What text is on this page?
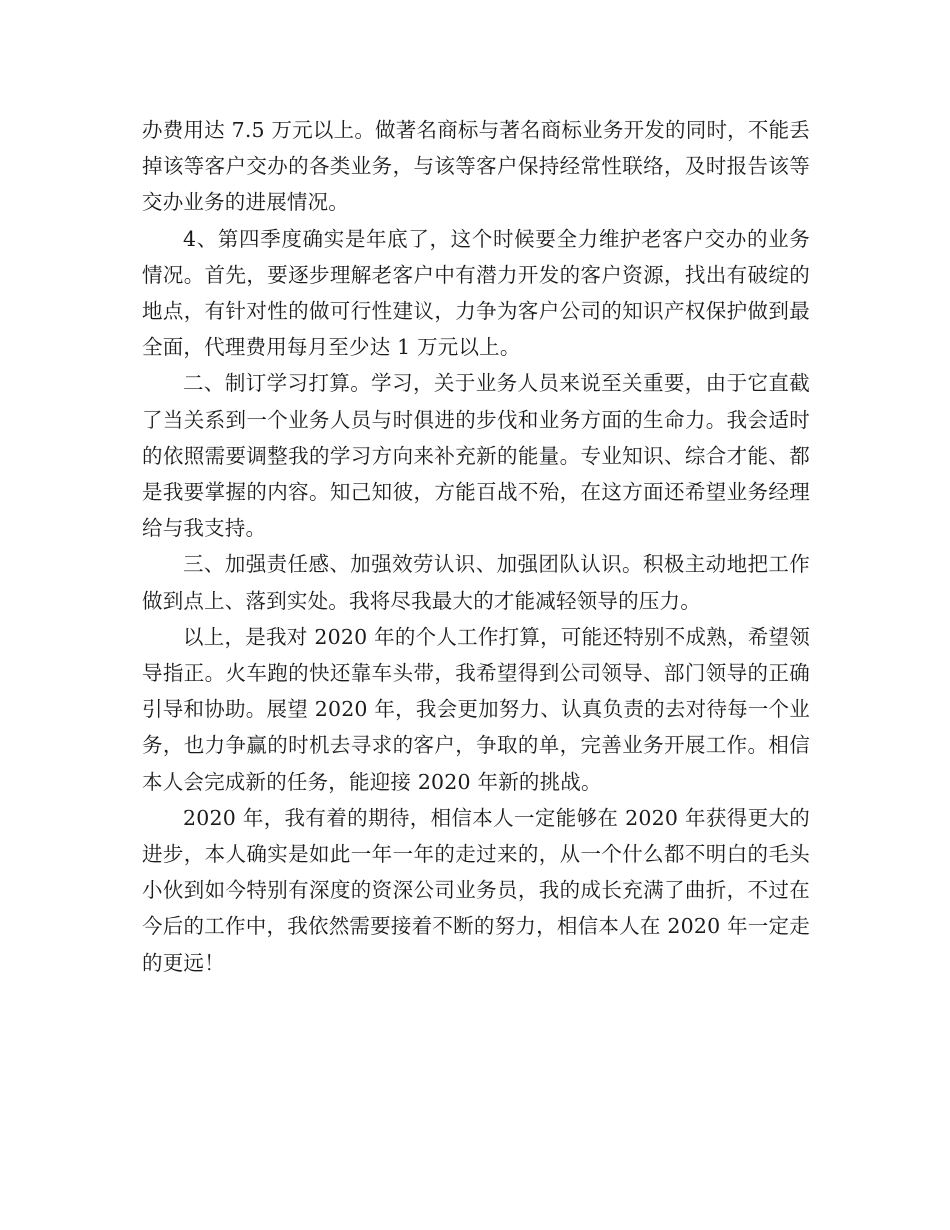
办费用达 7.5 万元以上。做著名商标与著名商标业务开发的同时，不能丢掉该等客户交办的各类业务，与该等客户保持经常性联络，及时报告该等交办业务的进展情况。

4、第四季度确实是年底了，这个时候要全力维护老客户交办的业务情况。首先，要逐步理解老客户中有潜力开发的客户资源，找出有破绽的地点，有针对性的做可行性建议，力争为客户公司的知识产权保护做到最全面，代理费用每月至少达 1 万元以上。

二、制订学习打算。学习，关于业务人员来说至关重要，由于它直截了当关系到一个业务人员与时俱进的步伐和业务方面的生命力。我会适时的依照需要调整我的学习方向来补充新的能量。专业知识、综合才能、都是我要掌握的内容。知己知彼，方能百战不殆，在这方面还希望业务经理给与我支持。

三、加强责任感、加强效劳认识、加强团队认识。积极主动地把工作做到点上、落到实处。我将尽我最大的才能减轻领导的压力。

以上，是我对 2020 年的个人工作打算，可能还特别不成熟，希望领导指正。火车跑的快还靠车头带，我希望得到公司领导、部门领导的正确引导和协助。展望 2020 年，我会更加努力、认真负责的去对待每一个业务，也力争赢的时机去寻求的客户，争取的单，完善业务开展工作。相信本人会完成新的任务，能迎接 2020 年新的挑战。

2020 年，我有着的期待，相信本人一定能够在 2020 年获得更大的进步，本人确实是如此一年一年的走过来的，从一个什么都不明白的毛头小伙到如今特别有深度的资深公司业务员，我的成长充满了曲折，不过在今后的工作中，我依然需要接着不断的努力，相信本人在 2020 年一定走的更远！
